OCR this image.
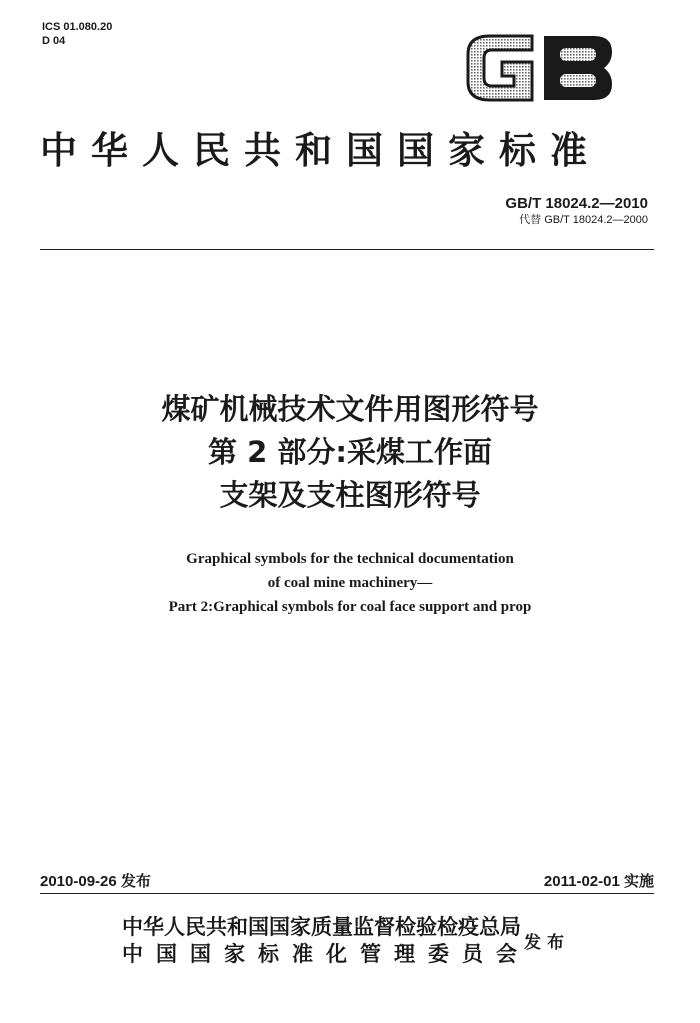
ICS 01.080.20
D 04
中华人民共和国国家标准
GB/T 18024.2—2010
代替 GB/T 18024.2—2000
煤矿机械技术文件用图形符号
第 2 部分:采煤工作面
支架及支柱图形符号
Graphical symbols for the technical documentation
of coal mine machinery—
Part 2:Graphical symbols for coal face support and prop
2010-09-26 发布	2011-02-01 实施
中华人民共和国国家质量监督检验检疫总局
中国国家标准化管理委员会
发布
